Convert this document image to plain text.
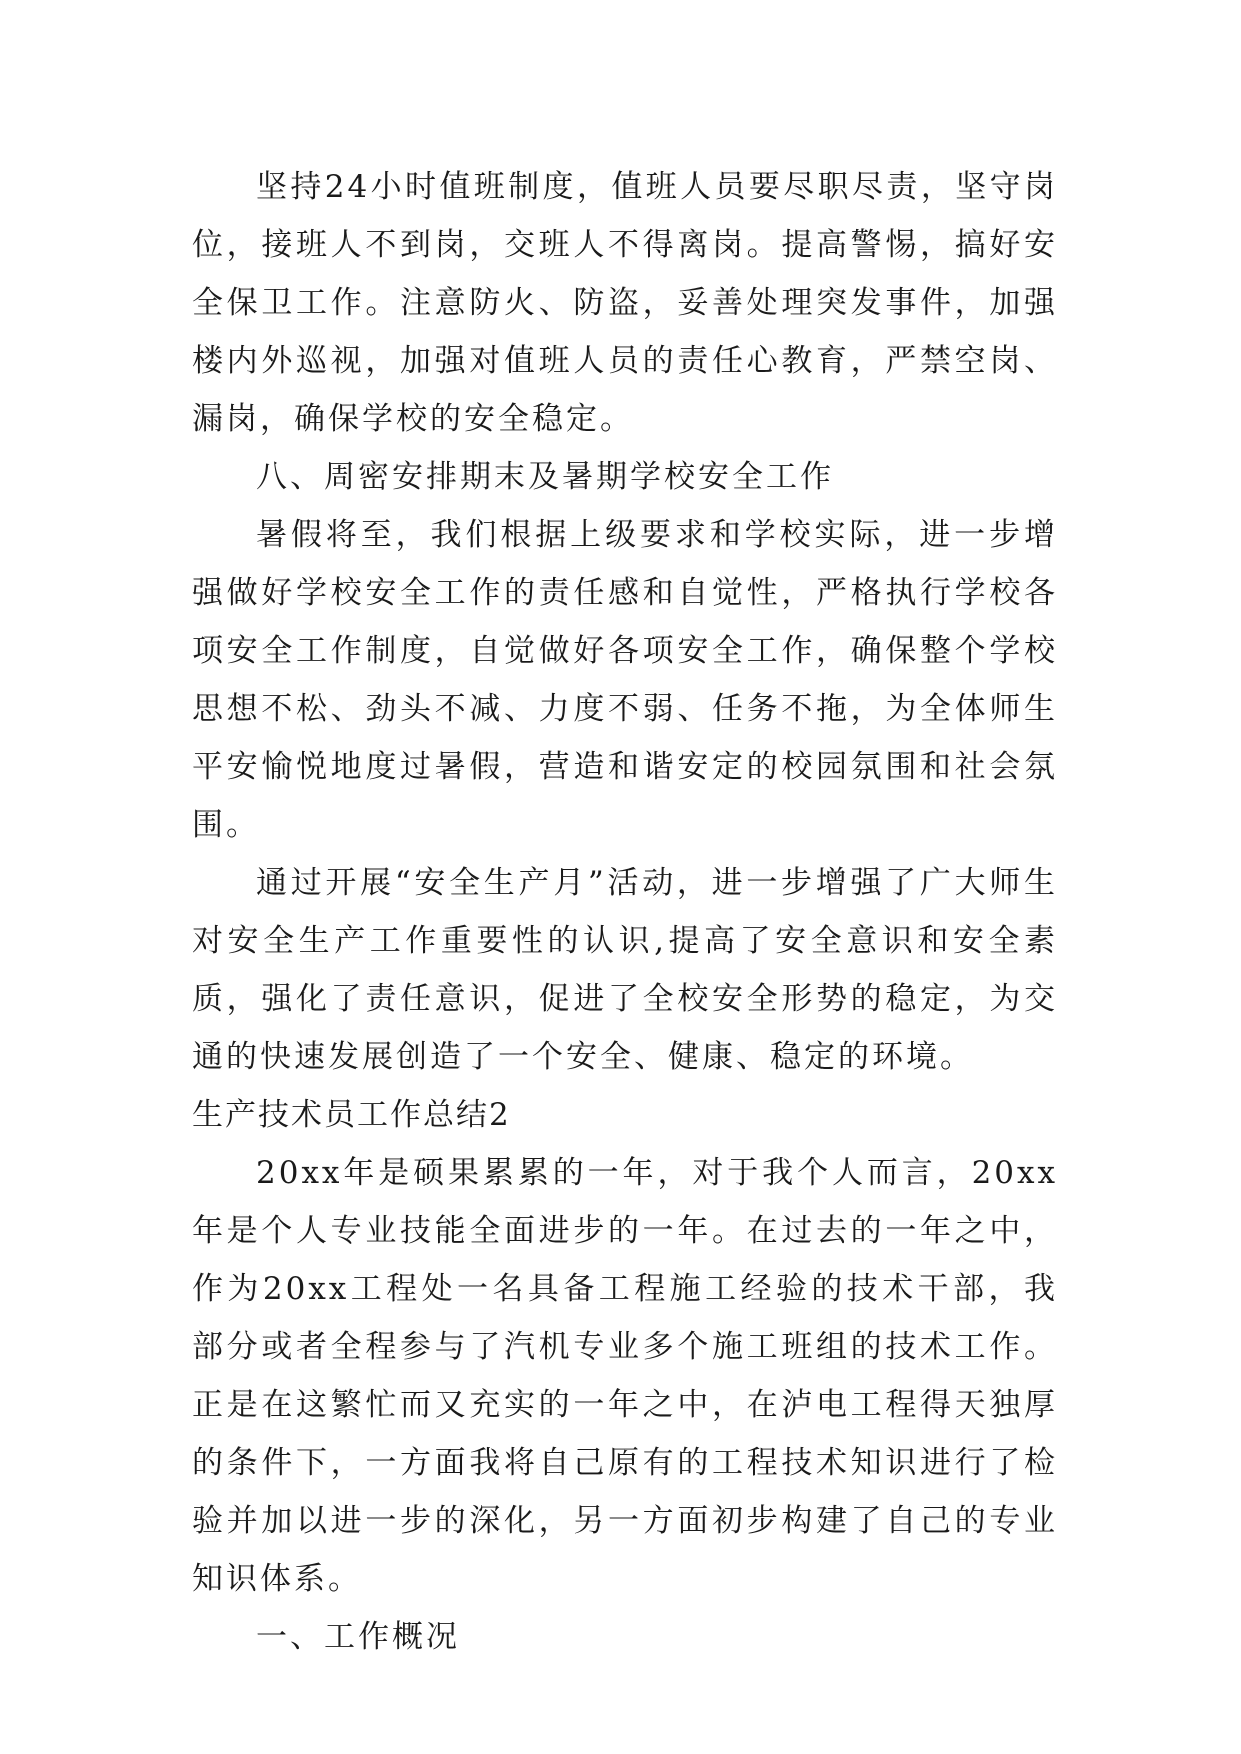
坚持24小时值班制度，值班人员要尽职尽责，坚守岗位，接班人不到岗，交班人不得离岗。提高警惕，搞好安全保卫工作。注意防火、防盗，妥善处理突发事件，加强楼内外巡视，加强对值班人员的责任心教育，严禁空岗、漏岗，确保学校的安全稳定。

八、周密安排期末及暑期学校安全工作

暑假将至，我们根据上级要求和学校实际，进一步增强做好学校安全工作的责任感和自觉性，严格执行学校各项安全工作制度，自觉做好各项安全工作，确保整个学校思想不松、劲头不减、力度不弱、任务不拖，为全体师生平安愉悦地度过暑假，营造和谐安定的校园氛围和社会氛围。

通过开展“安全生产月”活动，进一步增强了广大师生对安全生产工作重要性的认识,提高了安全意识和安全素质，强化了责任意识，促进了全校安全形势的稳定，为交通的快速发展创造了一个安全、健康、稳定的环境。

生产技术员工作总结2

20xx年是硕果累累的一年，对于我个人而言，20xx年是个人专业技能全面进步的一年。在过去的一年之中，作为20xx工程处一名具备工程施工经验的技术干部，我部分或者全程参与了汽机专业多个施工班组的技术工作。正是在这繁忙而又充实的一年之中，在泸电工程得天独厚的条件下，一方面我将自己原有的工程技术知识进行了检验并加以进一步的深化，另一方面初步构建了自己的专业知识体系。

一、工作概况
